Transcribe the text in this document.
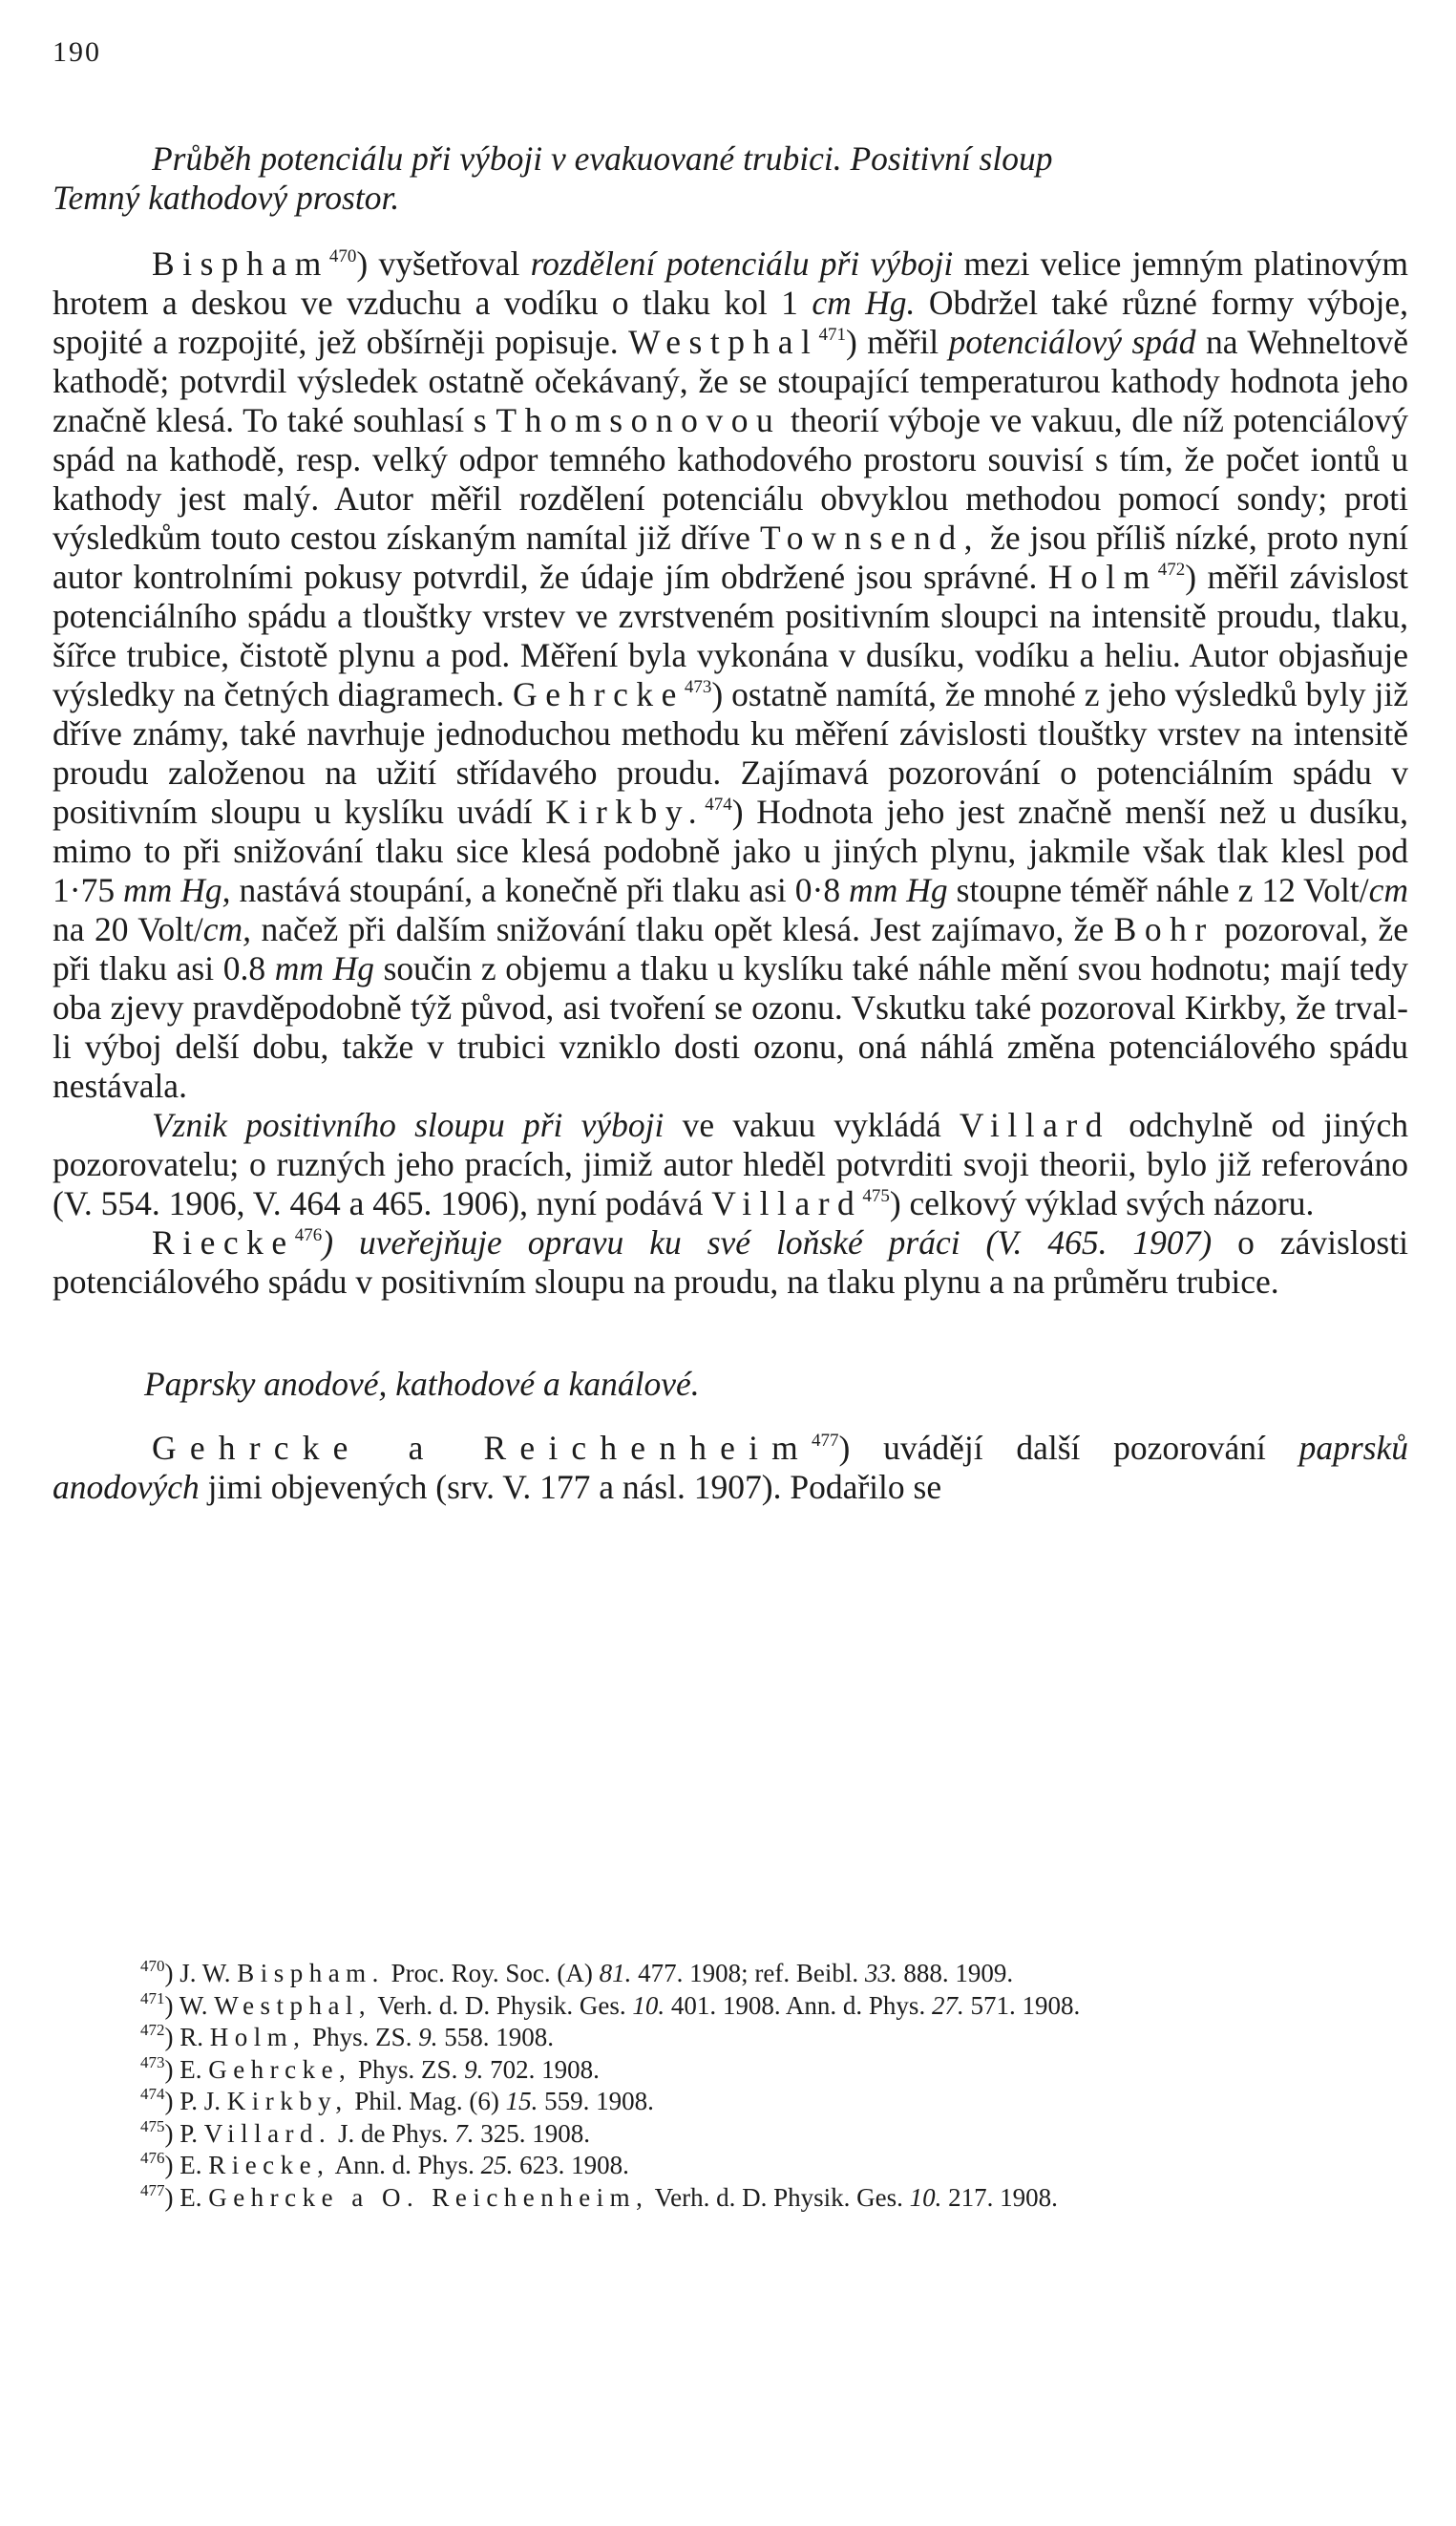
190

Průběh potenciálu při výboji v evakuované trubici. Positivní sloup

Temný kathodový prostor.

Bispham$^{470}$) vyšetřoval rozdělení potenciálu při výboji mezi velice jemným platinovým hrotem a deskou ve vzduchu a vodíku o tlaku kol 1 cm Hg. Obdržel také různé formy výboje, spojité a rozpojité, jež obšírněji popisuje. Westphal$^{471}$) měřil potenciálový spád na Wehneltově kathodě; potvrdil výsledek ostatně očekávaný, že se stoupající temperaturou kathody hodnota jeho značně klesá. To také souhlasí s Thomsonovou theorií výboje ve vakuu, dle níž potenciálový spád na kathodě, resp. velký odpor temného kathodového prostoru souvisí s tím, že počet iontů u kathody jest malý. Autor měřil rozdělení potenciálu obvyklou methodou pomocí sondy; proti výsledkům touto cestou získaným namítal již dříve Townsend, že jsou příliš nízké, proto nyní autor kontrolními pokusy potvrdil, že údaje jím obdržené jsou správné. Holm$^{472}$) měřil závislost potenciálního spádu a tlouštky vrstev ve zvrstveném positivním sloupci na intensitě proudu, tlaku, šířce trubice, čistotě plynu a pod. Měření byla vykonána v dusíku, vodíku a heliu. Autor objasňuje výsledky na četných diagramech. Gehrcke$^{473}$) ostatně namítá, že mnohé z jeho výsledků byly již dříve známy, také navrhuje jednoduchou methodu ku měření závislosti tlouštky vrstev na intensitě proudu založenou na užití střídavého proudu. Zajímavá pozorování o potenciálním spádu v positivním sloupu u kyslíku uvádí Kirkby.$^{474}$) Hodnota jeho jest značně menší než u dusíku, mimo to při snižování tlaku sice klesá podobně jako u jiných plynu, jakmile však tlak klesl pod 1·75 mm Hg, nastává stoupání, a konečně při tlaku asi 0·8 mm Hg stoupne téměř náhle z 12 Volt/cm na 20 Volt/cm, načež při dalším snižování tlaku opět klesá. Jest zajímavo, že Bohr pozoroval, že při tlaku asi 0.8 mm Hg součin z objemu a tlaku u kyslíku také náhle mění svou hodnotu; mají tedy oba zjevy pravděpodobně týž původ, asi tvoření se ozonu. Vskutku také pozoroval Kirkby, že trval-li výboj delší dobu, takže v trubici vzniklo dosti ozonu, oná náhlá změna potenciálového spádu nestávala.

Vznik positivního sloupu při výboji ve vakuu vykládá Villard odchylně od jiných pozorovatelu; o ruzných jeho pracích, jimiž autor hleděl potvrditi svoji theorii, bylo již referováno (V. 554. 1906, V. 464 a 465. 1906), nyní podává Villard$^{475}$) celkový výklad svých názoru.

Riecke$^{476}$) uveřejňuje opravu ku své loňské práci (V. 465. 1907) o závislosti potenciálového spádu v positivním sloupu na proudu, na tlaku plynu a na průměru trubice.

Paprsky anodové, kathodové a kanálové.

Gehrcke a Reichenheim$^{477}$) uvádějí další pozorování paprsků anodových jimi objevených (srv. V. 177 a násl. 1907). Podařilo se

$^{470}$) J. W. Bispham. Proc. Roy. Soc. (A) 81. 477. 1908; ref. Beibl. 33. 888. 1909.

$^{471}$) W. Westphal, Verh. d. D. Physik. Ges. 10. 401. 1908. Ann. d. Phys. 27. 571. 1908.

$^{472}$) R. Holm, Phys. ZS. 9. 558. 1908.

$^{473}$) E. Gehrcke, Phys. ZS. 9. 702. 1908.

$^{474}$) P. J. Kirkby, Phil. Mag. (6) 15. 559. 1908.

$^{475}$) P. Villard. J. de Phys. 7. 325. 1908.

$^{476}$) E. Riecke, Ann. d. Phys. 25. 623. 1908.

$^{477}$) E. Gehrcke a O. Reichenheim, Verh. d. D. Physik. Ges. 10. 217. 1908.
